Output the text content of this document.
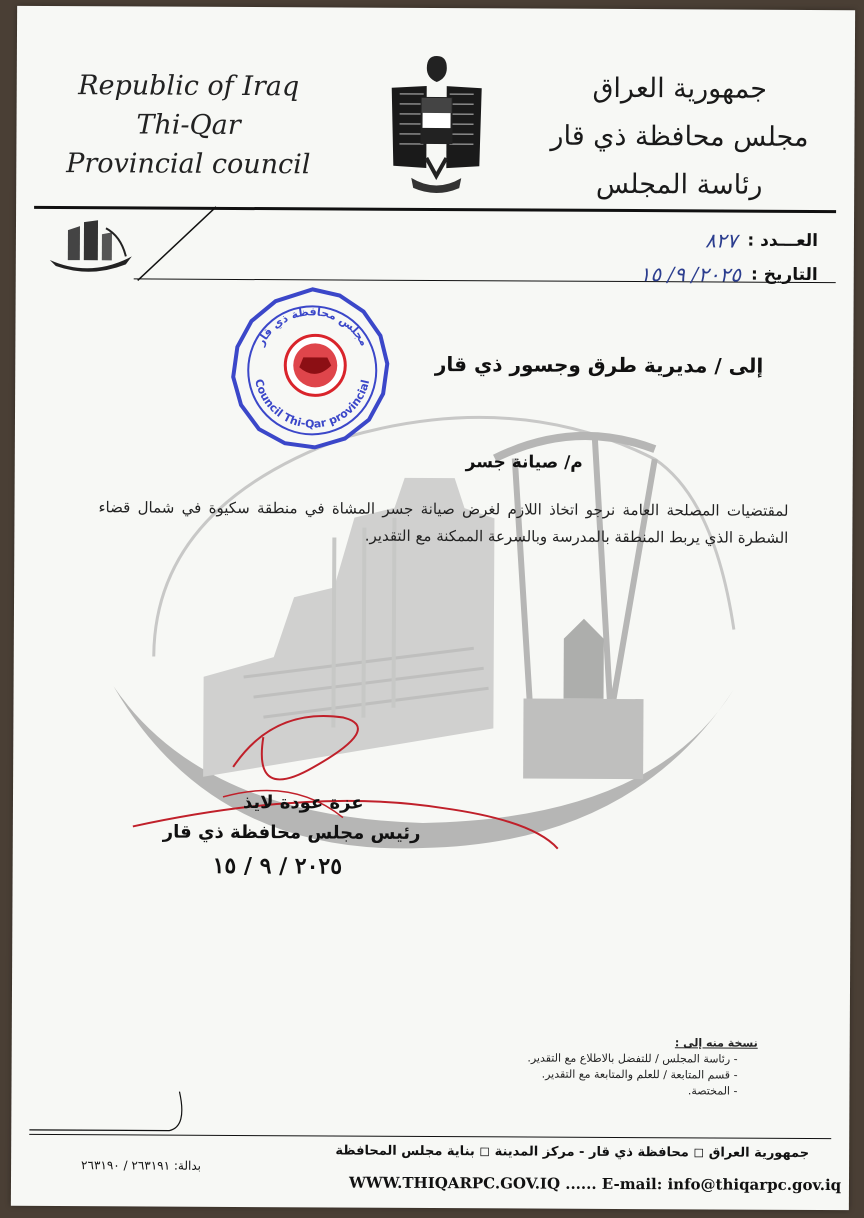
Republic of Iraq
Thi-Qar
Provincial council
جمهورية العراق
مجلس محافظة ذي قار
رئاسة المجلس
العـــدد :
٨٢٧
التاريخ :
٢٠٢٥/ ٩/ ١٥
مجلس محافظة ذي قار
Council Thi-Qar provincial
إلى / مديرية طرق وجسور ذي قار
م/ صيانة جسر
لمقتضيات المصلحة العامة نرجو اتخاذ اللازم لغرض صيانة جسر المشاة في منطقة سكيوة في شمال قضاء الشطرة الذي يربط المنطقة بالمدرسة وبالسرعة الممكنة مع التقدير.
عزة عودة لايذ
رئيس مجلس محافظة ذي قار
٢٠٢٥ / ٩ / ١٥
نسخة منه إلى :
- رئاسة المجلس / للتفضل بالاطلاع مع التقدير.
- قسم المتابعة / للعلم والمتابعة مع التقدير.
- المختصة.
جمهورية العراق ◻ محافظة ذي قار - مركز المدينة ◻ بناية مجلس المحافظة
WWW.THIQARPC.GOV.IQ ...... E-mail: info@thiqarpc.gov.iq
بدالة: ٢٦٣١٩١ / ٢٦٣١٩٠
